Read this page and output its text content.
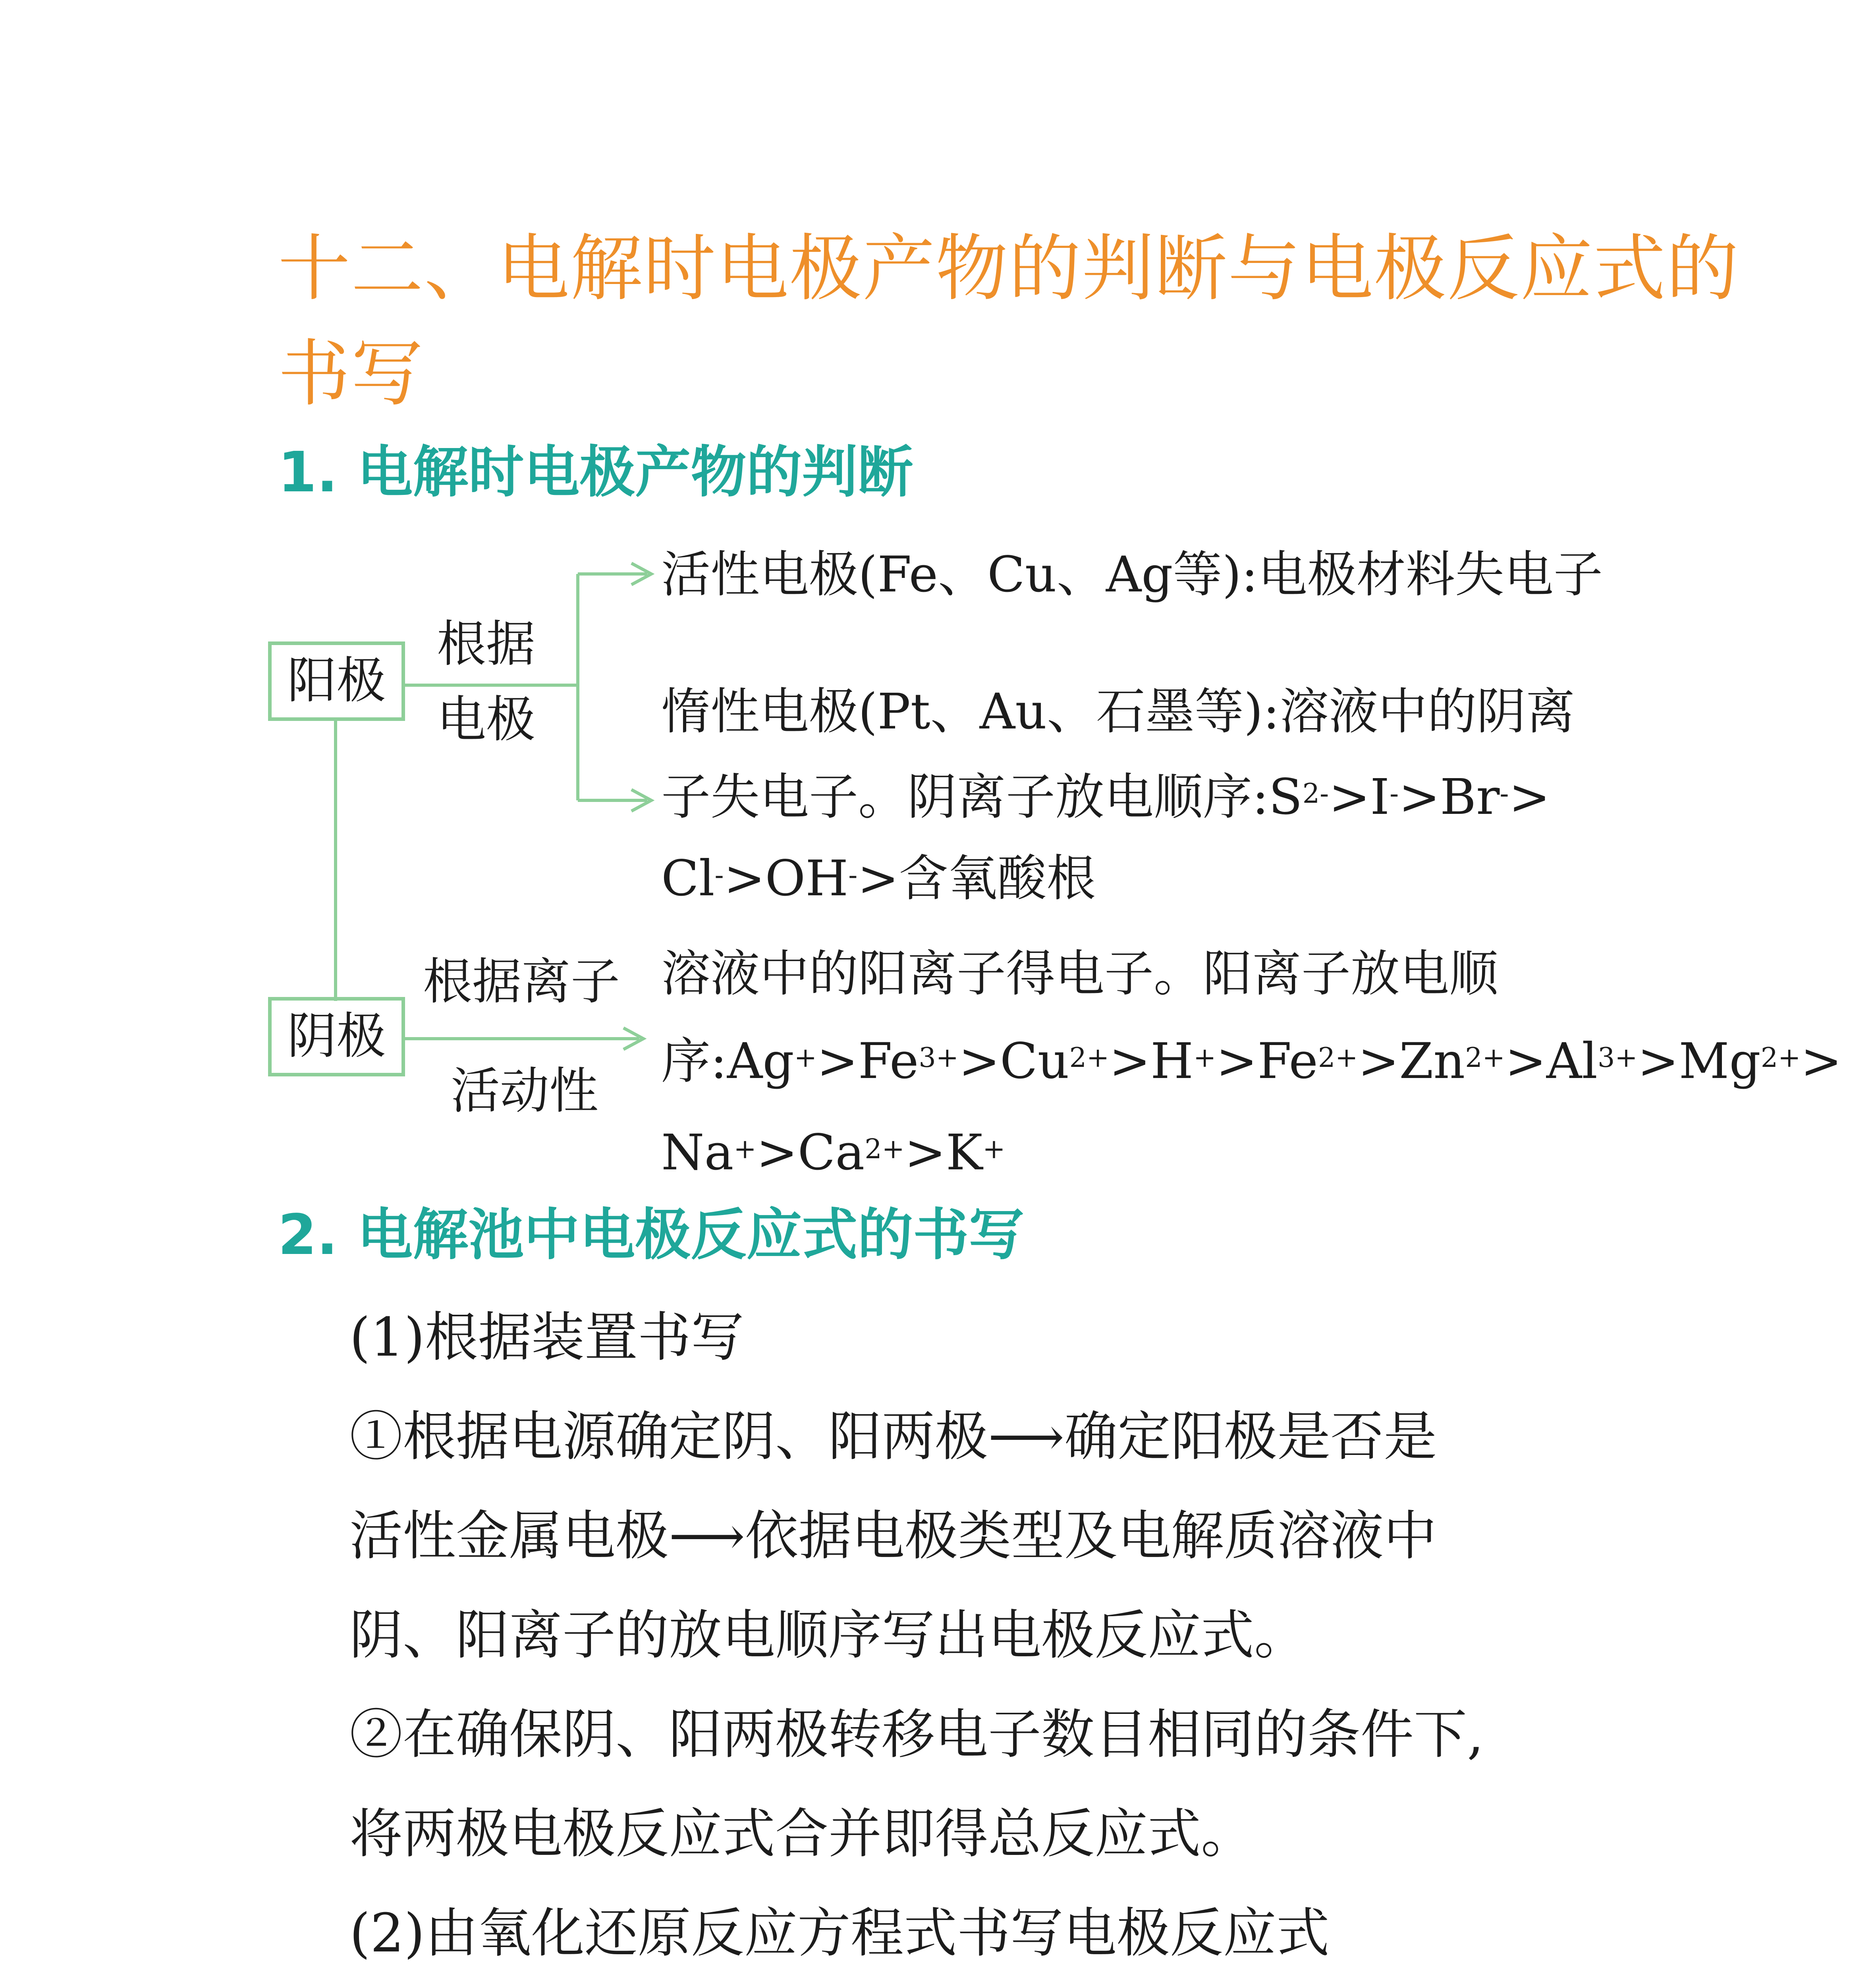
十二、电解时电极产物的判断与电极反应式的
书写
1. 电解时电极产物的判断
阳极
根据
电极
活性电极(Fe、Cu、Ag等):电极材料失电子
惰性电极(Pt、Au、石墨等):溶液中的阴离
子失电子。阴离子放电顺序$:S^{2-}>I^->Br^->$
Cl->OH->含氧酸根
阴极
根据离子
活动性
溶液中的阳离子得电子。阳离子放电顺
序$:Ag^+>Fe^{3+}>Cu^{2+}>H^+>Fe^{2+}>Zn^{2+}>Al^{3+}>Mg^{2+}>$
$Na^+>Ca^{2+}>K^+$
2. 电解池中电极反应式的书写
(1)根据装置书写
①根据电源确定阴、阳两极⟶确定阳极是否是
活性金属电极⟶依据电极类型及电解质溶液中
阴、阳离子的放电顺序写出电极反应式。
②在确保阴、阳两极转移电子数目相同的条件下,
将两极电极反应式合并即得总反应式。
(2)由氧化还原反应方程式书写电极反应式
